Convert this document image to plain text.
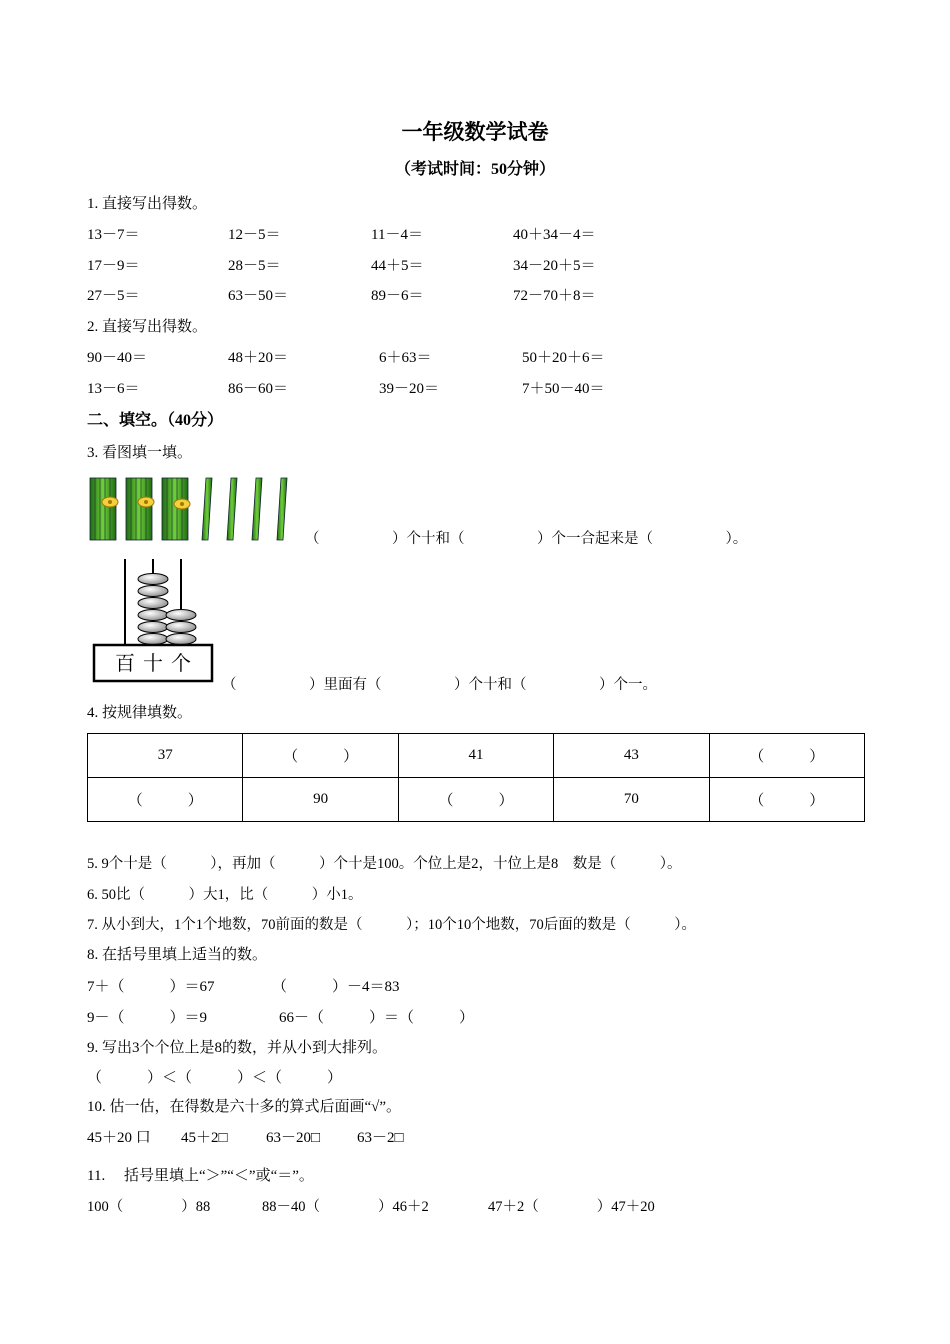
一年级数学试卷
（考试时间：50分钟）
1. 直接写出得数。
13－7＝	12－5＝	11－4＝	40＋34－4＝
17－9＝	28－5＝	44＋5＝	34－20＋5＝
27－5＝	63－50＝	89－6＝	72－70＋8＝
2. 直接写出得数。
90－40＝	48＋20＝	6＋63＝	50＋20＋6＝
13－6＝	86－60＝	39－20＝	7＋50－40＝
二、填空。（40分）
3. 看图填一填。
（　　　　　）个十和（　　　　　）个一合起来是（　　　　　）。
百 十 个
（　　　　　）里面有（　　　　　）个十和（　　　　　）个一。
4. 按规律填数。
37	（　　　）	41	43	（　　　）
（　　　）	90	（　　　）	70	（　　　）
5. 9个十是（　　　），再加（　　　）个十是100。个位上是2，十位上是8　数是（　　　）。
6. 50比（　　　）大1，比（　　　）小1。
7. 从小到大，1个1个地数，70前面的数是（　　　）；10个10个地数，70后面的数是（　　　）。
8. 在括号里填上适当的数。
7＋（　　　）＝67	（　　　）－4＝83
9－（　　　）＝9	66－（　　　）＝（　　　）
9. 写出3个个位上是8的数，并从小到大排列。
（　　　）＜（　　　）＜（　　　）
10. 估一估，在得数是六十多的算式后面画“√”。
45＋20 口 45＋2□	63－20□ 63－2□
11.　 括号里填上“＞”“＜”或“＝”。
100（　　　　）88	88－40（　　　　）46＋2	47＋2（　　　　）47＋20
